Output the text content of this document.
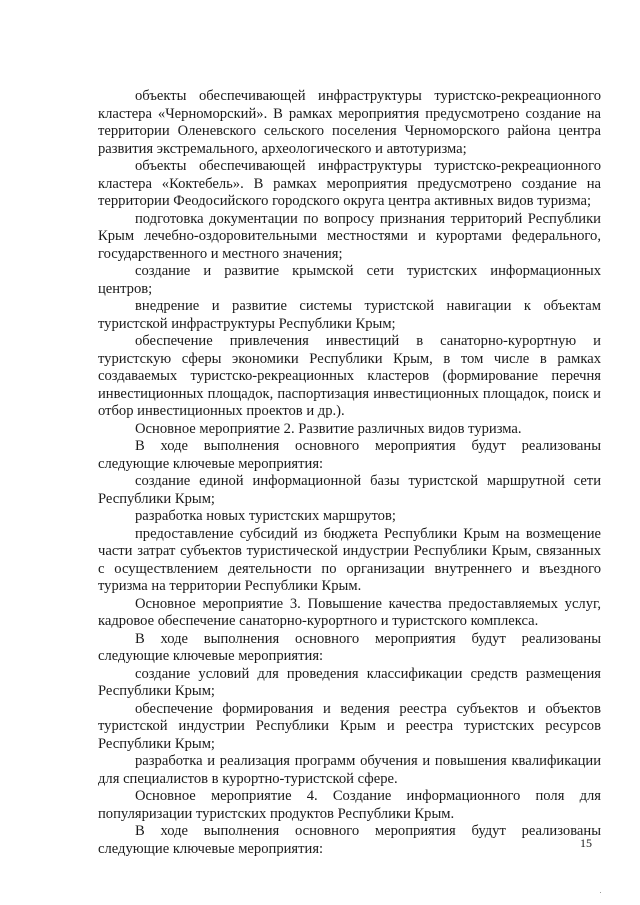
объекты обеспечивающей инфраструктуры туристско-рекреационного кластера «Черноморский». В рамках мероприятия предусмотрено создание на территории Оленевского сельского поселения Черноморского района центра развития экстремального, археологического и автотуризма;

объекты обеспечивающей инфраструктуры туристско-рекреационного кластера «Коктебель». В рамках мероприятия предусмотрено создание на территории Феодосийского городского округа центра активных видов туризма;

подготовка документации по вопросу признания территорий Республики Крым лечебно-оздоровительными местностями и курортами федерального, государственного и местного значения;

создание и развитие крымской сети туристских информационных центров;

внедрение и развитие системы туристской навигации к объектам туристской инфраструктуры Республики Крым;

обеспечение привлечения инвестиций в санаторно-курортную и туристскую сферы экономики Республики Крым, в том числе в рамках создаваемых туристско-рекреационных кластеров (формирование перечня инвестиционных площадок, паспортизация инвестиционных площадок, поиск и отбор инвестиционных проектов и др.).

Основное мероприятие 2. Развитие различных видов туризма.

В ходе выполнения основного мероприятия будут реализованы следующие ключевые мероприятия:

создание единой информационной базы туристской маршрутной сети Республики Крым;

разработка новых туристских маршрутов;

предоставление субсидий из бюджета Республики Крым на возмещение части затрат субъектов туристической индустрии Республики Крым, связанных с осуществлением деятельности по организации внутреннего и въездного туризма на территории Республики Крым.

Основное мероприятие 3. Повышение качества предоставляемых услуг, кадровое обеспечение санаторно-курортного и туристского комплекса.

В ходе выполнения основного мероприятия будут реализованы следующие ключевые мероприятия:

создание условий для проведения классификации средств размещения Республики Крым;

обеспечение формирования и ведения реестра субъектов и объектов туристской индустрии Республики Крым и реестра туристских ресурсов Республики Крым;

разработка и реализация программ обучения и повышения квалификации для специалистов в курортно-туристской сфере.

Основное мероприятие 4. Создание информационного поля для популяризации туристских продуктов Республики Крым.

В ходе выполнения основного мероприятия будут реализованы следующие ключевые мероприятия:	15
